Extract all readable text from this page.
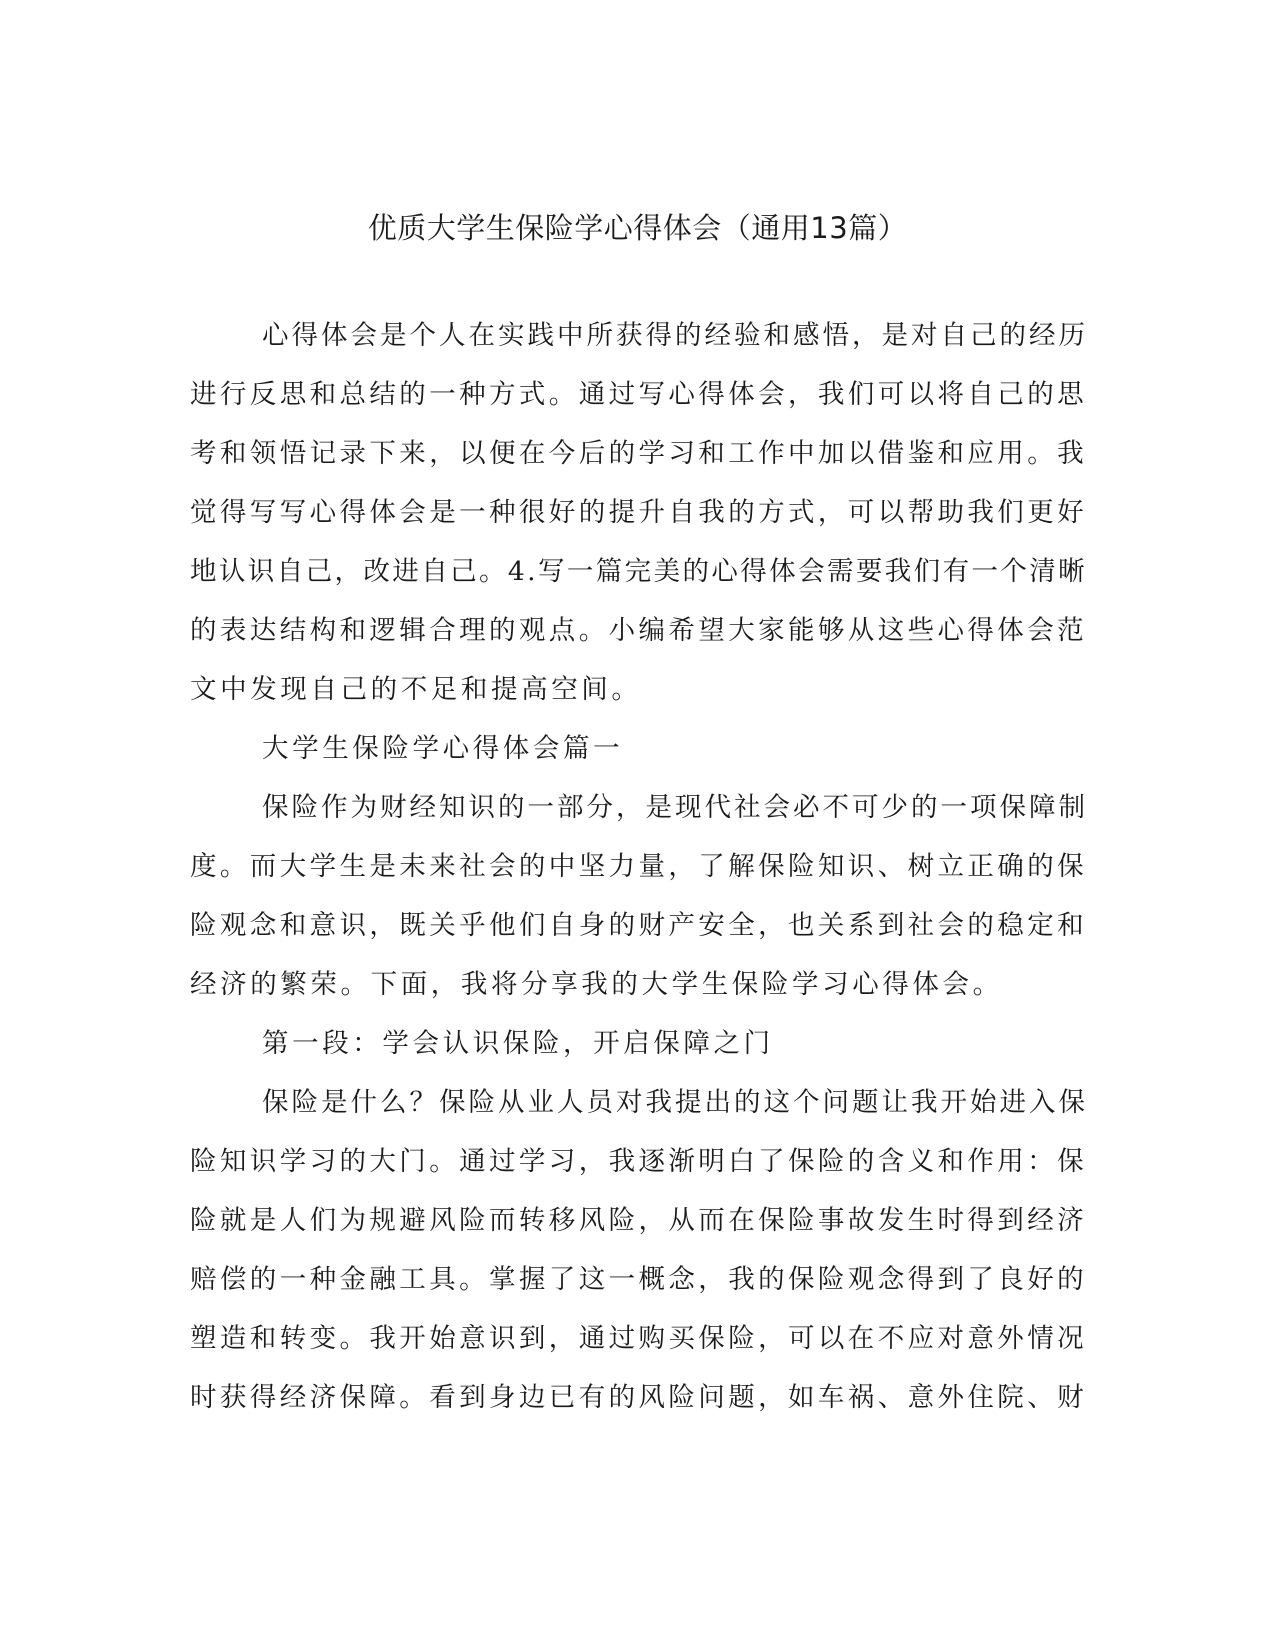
优质大学生保险学心得体会（通用13篇）
心得体会是个人在实践中所获得的经验和感悟，是对自己的经历
进行反思和总结的一种方式。通过写心得体会，我们可以将自己的思
考和领悟记录下来，以便在今后的学习和工作中加以借鉴和应用。我
觉得写写心得体会是一种很好的提升自我的方式，可以帮助我们更好
地认识自己，改进自己。4.写一篇完美的心得体会需要我们有一个清晰
的表达结构和逻辑合理的观点。小编希望大家能够从这些心得体会范
文中发现自己的不足和提高空间。
大学生保险学心得体会篇一
保险作为财经知识的一部分，是现代社会必不可少的一项保障制
度。而大学生是未来社会的中坚力量，了解保险知识、树立正确的保
险观念和意识，既关乎他们自身的财产安全，也关系到社会的稳定和
经济的繁荣。下面，我将分享我的大学生保险学习心得体会。
第一段：学会认识保险，开启保障之门
保险是什么？保险从业人员对我提出的这个问题让我开始进入保
险知识学习的大门。通过学习，我逐渐明白了保险的含义和作用：保
险就是人们为规避风险而转移风险，从而在保险事故发生时得到经济
赔偿的一种金融工具。掌握了这一概念，我的保险观念得到了良好的
塑造和转变。我开始意识到，通过购买保险，可以在不应对意外情况
时获得经济保障。看到身边已有的风险问题，如车祸、意外住院、财
